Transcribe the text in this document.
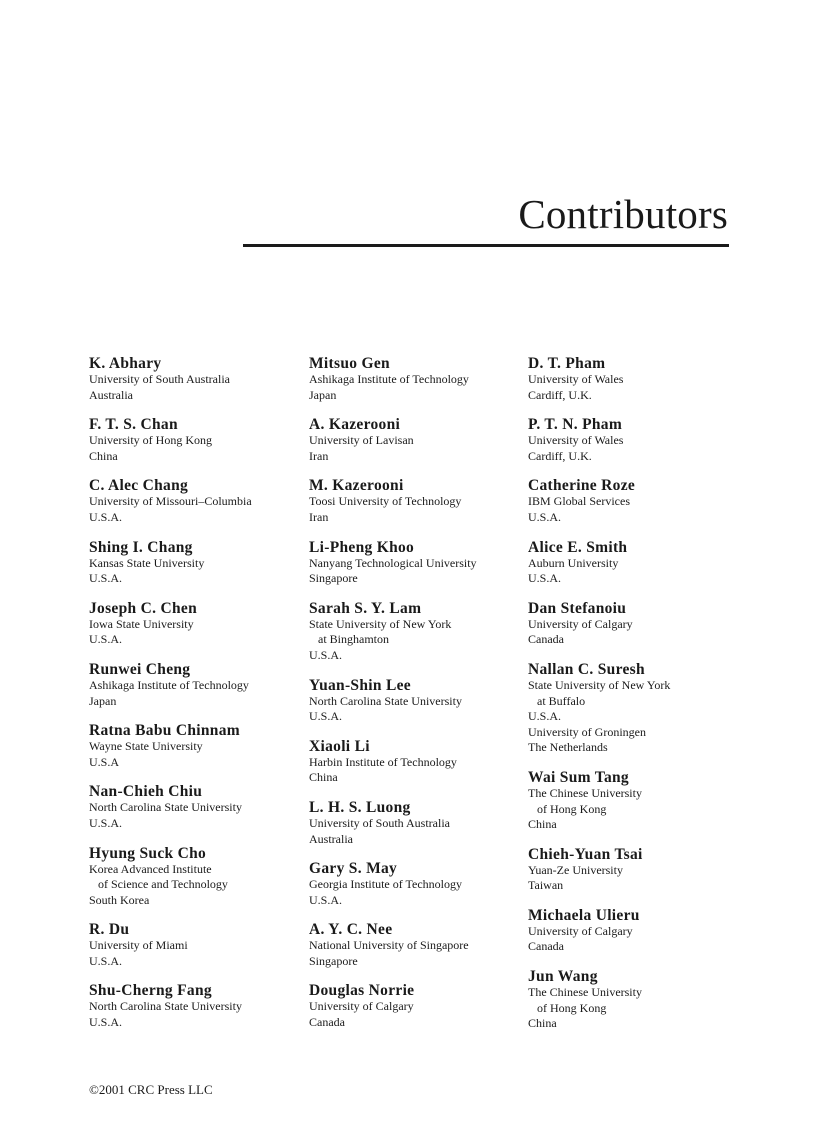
Contributors
K. Abhary
University of South Australia
Australia
F. T. S. Chan
University of Hong Kong
China
C. Alec Chang
University of Missouri–Columbia
U.S.A.
Shing I. Chang
Kansas State University
U.S.A.
Joseph C. Chen
Iowa State University
U.S.A.
Runwei Cheng
Ashikaga Institute of Technology
Japan
Ratna Babu Chinnam
Wayne State University
U.S.A
Nan-Chieh Chiu
North Carolina State University
U.S.A.
Hyung Suck Cho
Korea Advanced Institute
of Science and Technology
South Korea
R. Du
University of Miami
U.S.A.
Shu-Cherng Fang
North Carolina State University
U.S.A.
Mitsuo Gen
Ashikaga Institute of Technology
Japan
A. Kazerooni
University of Lavisan
Iran
M. Kazerooni
Toosi University of Technology
Iran
Li-Pheng Khoo
Nanyang Technological University
Singapore
Sarah S. Y. Lam
State University of New York
at Binghamton
U.S.A.
Yuan-Shin Lee
North Carolina State University
U.S.A.
Xiaoli Li
Harbin Institute of Technology
China
L. H. S. Luong
University of South Australia
Australia
Gary S. May
Georgia Institute of Technology
U.S.A.
A. Y. C. Nee
National University of Singapore
Singapore
Douglas Norrie
University of Calgary
Canada
D. T. Pham
University of Wales
Cardiff, U.K.
P. T. N. Pham
University of Wales
Cardiff, U.K.
Catherine Roze
IBM Global Services
U.S.A.
Alice E. Smith
Auburn University
U.S.A.
Dan Stefanoiu
University of Calgary
Canada
Nallan C. Suresh
State University of New York
at Buffalo
U.S.A.
University of Groningen
The Netherlands
Wai Sum Tang
The Chinese University
of Hong Kong
China
Chieh-Yuan Tsai
Yuan-Ze University
Taiwan
Michaela Ulieru
University of Calgary
Canada
Jun Wang
The Chinese University
of Hong Kong
China
©2001 CRC Press LLC
